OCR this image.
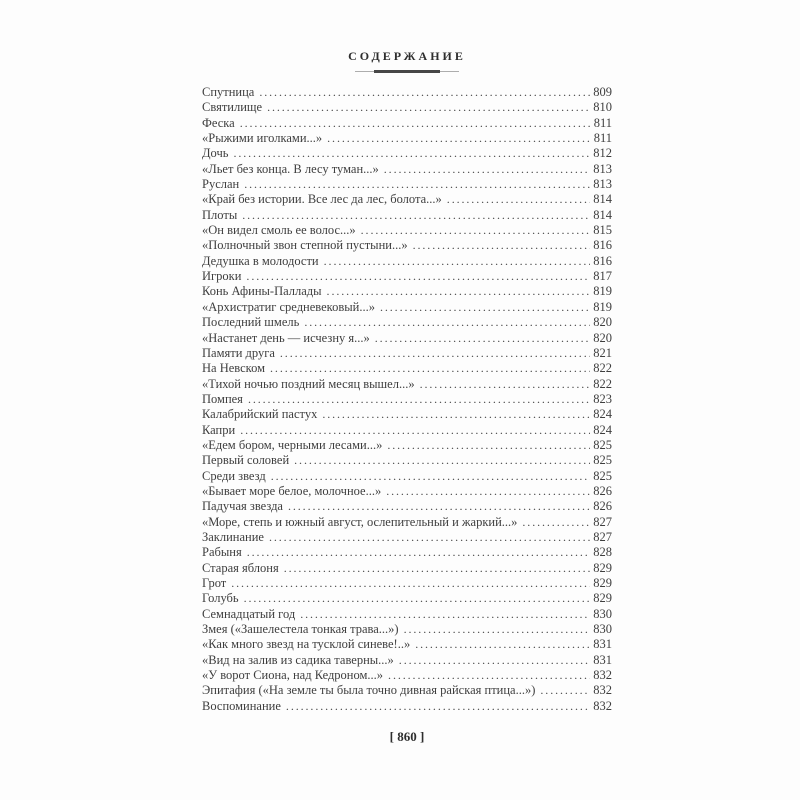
СОДЕРЖАНИЕ
Спутница .....	809
Святилище .....	810
Феска .....	811
«Рыжими иголками...» .....	811
Дочь .....	812
«Льет без конца. В лесу туман...» .....	813
Руслан .....	813
«Край без истории. Все лес да лес, болота...» .....	814
Плоты .....	814
«Он видел смоль ее волос...» .....	815
«Полночный звон степной пустыни...» .....	816
Дедушка в молодости .....	816
Игроки .....	817
Конь Афины-Паллады .....	819
«Архистратиг средневековый...» .....	819
Последний шмель .....	820
«Настанет день — исчезну я...» .....	820
Памяти друга .....	821
На Невском .....	822
«Тихой ночью поздний месяц вышел...» .....	822
Помпея .....	823
Калабрийский пастух .....	824
Капри .....	824
«Едем бором, черными лесами...» .....	825
Первый соловей .....	825
Среди звезд .....	825
«Бывает море белое, молочное...» .....	826
Падучая звезда .....	826
«Море, степь и южный август, ослепительный и жаркий...» .....	827
Заклинание .....	827
Рабыня .....	828
Старая яблоня .....	829
Грот .....	829
Голубь .....	829
Семнадцатый год .....	830
Змея («Зашелестела тонкая трава...») .....	830
«Как много звезд на тусклой синеве!..» .....	831
«Вид на залив из садика таверны...» .....	831
«У ворот Сиона, над Кедроном...» .....	832
Эпитафия («На земле ты была точно дивная райская птица...») .....	832
Воспоминание .....	832
[ 860 ]
